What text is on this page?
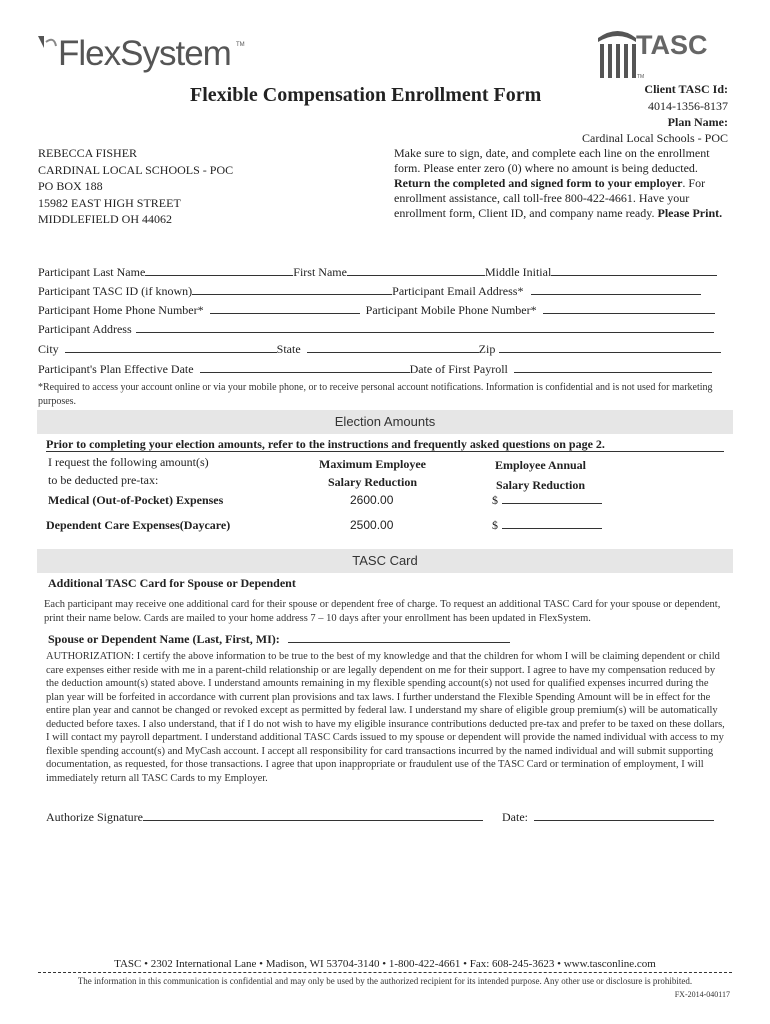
FlexSystem TM	TASC
TM
Flexible Compensation Enrollment Form	Client TASC Id:
4014-1356-8137
Plan Name:
Cardinal Local Schools - POC
REBECCA FISHER
CARDINAL LOCAL SCHOOLS - POC
PO BOX 188
15982 EAST HIGH STREET
MIDDLEFIELD OH 44062
Make sure to sign, date, and complete each line on the enrollment form. Please enter zero (0) where no amount is being deducted. Return the completed and signed form to your employer. For enrollment assistance, call toll-free 800-422-4661. Have your enrollment form, Client ID, and company name ready. Please Print.
Participant Last Name	First Name	Middle Initial
Participant TASC ID (if known)	Participant Email Address*
Participant Home Phone Number*	Participant Mobile Phone Number*
Participant Address
City	State	Zip
Participant's Plan Effective Date	Date of First Payroll
*Required to access your account online or via your mobile phone, or to receive personal account notifications. Information is confidential and is not used for marketing purposes.
Election Amounts
Prior to completing your election amounts, refer to the instructions and frequently asked questions on page 2.
I request the following amount(s)
to be deducted pre-tax:
Maximum Employee
Salary Reduction
Employee Annual
Salary Reduction
Medical (Out-of-Pocket) Expenses	2600.00	$
Dependent Care Expenses(Daycare)	2500.00	$
TASC Card
Additional TASC Card for Spouse or Dependent
Each participant may receive one additional card for their spouse or dependent free of charge. To request an additional TASC Card for your spouse or dependent, print their name below. Cards are mailed to your home address 7 – 10 days after your enrollment has been updated in FlexSystem.
Spouse or Dependent Name (Last, First, MI):
AUTHORIZATION: I certify the above information to be true to the best of my knowledge and that the children for whom I will be claiming dependent or child care expenses either reside with me in a parent-child relationship or are legally dependent on me for their support. I agree to have my compensation reduced by the deduction amount(s) stated above. I understand amounts remaining in my flexible spending account(s) not used for qualified expenses incurred during the plan year will be forfeited in accordance with current plan provisions and tax laws. I further understand the Flexible Spending Amount will be in effect for the entire plan year and cannot be changed or revoked except as permitted by federal law. I understand my share of eligible group premium(s) will be automatically deducted before taxes. I also understand, that if I do not wish to have my eligible insurance contributions deducted pre-tax and prefer to be taxed on these dollars, I will contact my payroll department. I understand additional TASC Cards issued to my spouse or dependent will provide the named individual with access to my flexible spending account(s) and MyCash account. I accept all responsibility for card transactions incurred by the named individual and will submit supporting documentation, as requested, for those transactions. I agree that upon inappropriate or fraudulent use of the TASC Card or termination of employment, I will immediately return all TASC Cards to my Employer.
Authorize Signature	Date:
TASC • 2302 International Lane • Madison, WI 53704-3140 • 1-800-422-4661 • Fax: 608-245-3623 • www.tasconline.com
The information in this communication is confidential and may only be used by the authorized recipient for its intended purpose. Any other use or disclosure is prohibited.
FX-2014-040117
